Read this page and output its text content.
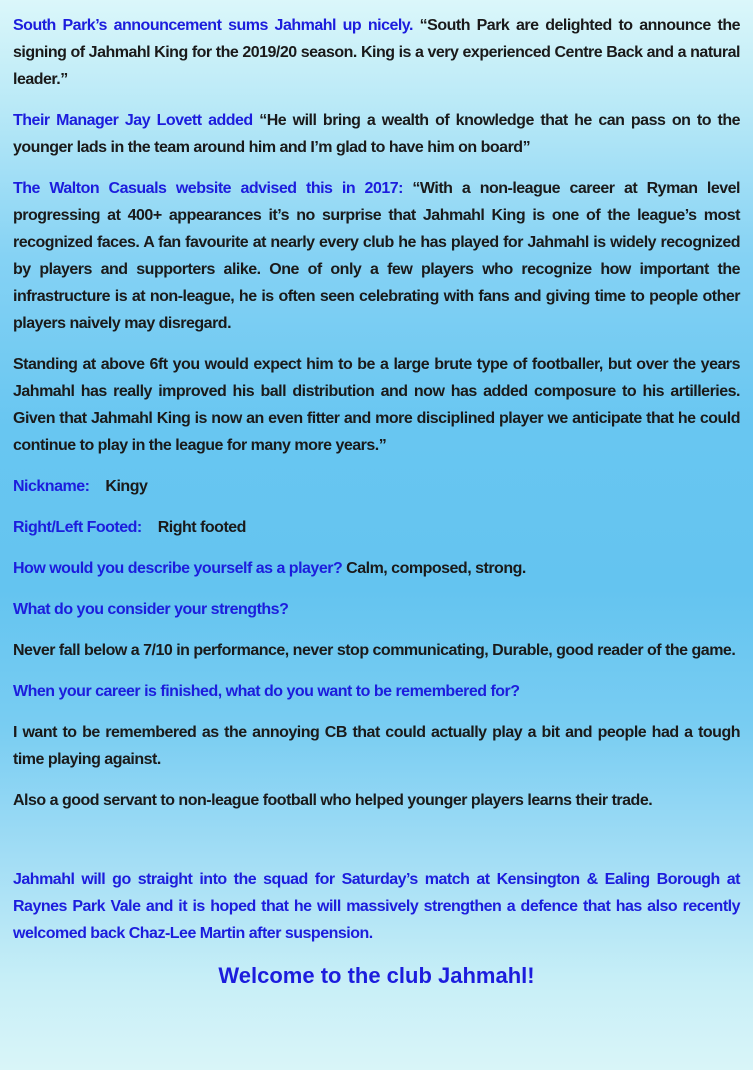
South Park’s announcement sums Jahmahl up nicely. “South Park are delighted to announce the signing of Jahmahl King for the 2019/20 season. King is a very experienced Centre Back and a natural leader.”

Their Manager Jay Lovett added “He will bring a wealth of knowledge that he can pass on to the younger lads in the team around him and I’m glad to have him on board”

The Walton Casuals website advised this in 2017: “With a non-league career at Ryman level progressing at 400+ appearances it’s no surprise that Jahmahl King is one of the league’s most recognized faces. A fan favourite at nearly every club he has played for Jahmahl is widely recognized by players and supporters alike. One of only a few players who recognize how important the infrastructure is at non-league, he is often seen celebrating with fans and giving time to people other players naively may disregard.

Standing at above 6ft you would expect him to be a large brute type of footballer, but over the years Jahmahl has really improved his ball distribution and now has added composure to his artilleries. Given that Jahmahl King is now an even fitter and more disciplined player we anticipate that he could continue to play in the league for many more years.”

Nickname: Kingy

Right/Left Footed: Right footed

How would you describe yourself as a player? Calm, composed, strong.

What do you consider your strengths?

Never fall below a 7/10 in performance, never stop communicating, Durable, good reader of the game.

When your career is finished, what do you want to be remembered for?

I want to be remembered as the annoying CB that could actually play a bit and people had a tough time playing against.

Also a good servant to non-league football who helped younger players learns their trade.

Jahmahl will go straight into the squad for Saturday’s match at Kensington & Ealing Borough at Raynes Park Vale and it is hoped that he will massively strengthen a defence that has also recently welcomed back Chaz-Lee Martin after suspension.

Welcome to the club Jahmahl!
